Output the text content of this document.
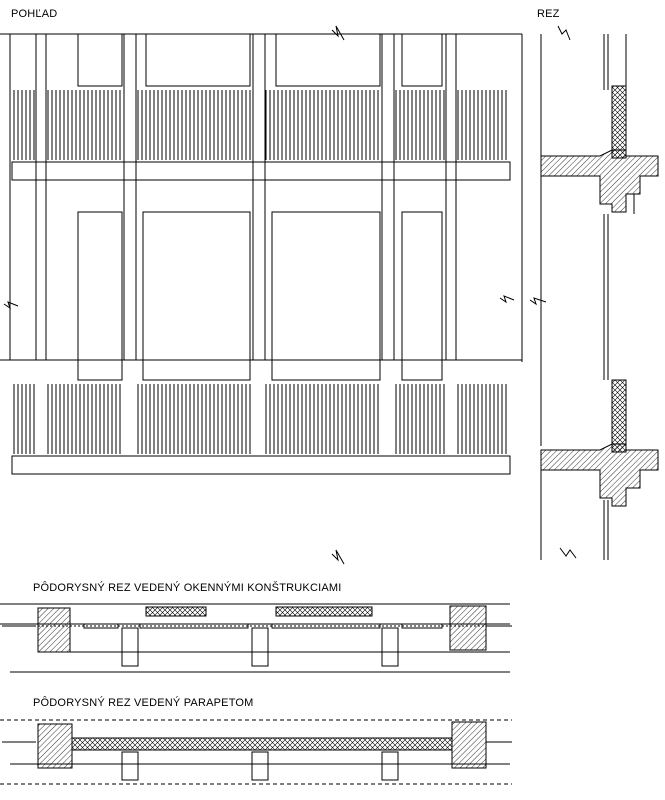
POHĽAD	REZ
PÔDORYSNÝ REZ VEDENÝ OKENNÝMI KONŠTRUKCIAMI
PÔDORYSNÝ REZ VEDENÝ PARAPETOM
